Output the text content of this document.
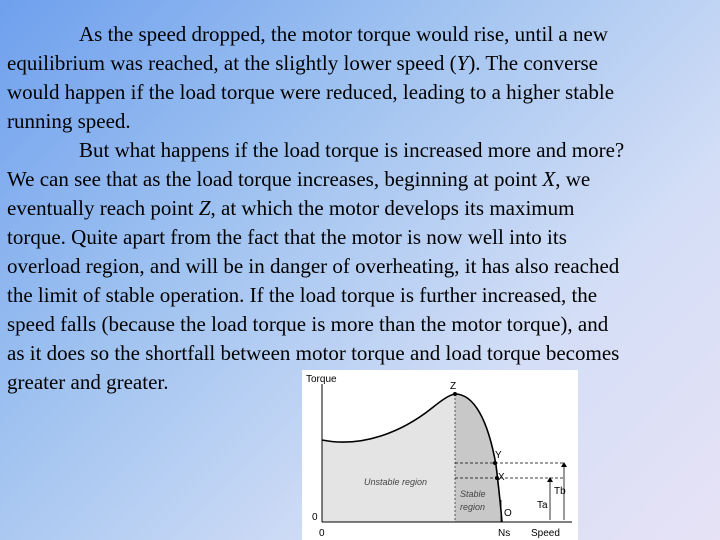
As the speed dropped, the motor torque would rise, until a new
equilibrium was reached, at the slightly lower speed (Y). The converse
would happen if the load torque were reduced, leading to a higher stable
running speed.

But what happens if the load torque is increased more and more?
We can see that as the load torque increases, beginning at point X, we
eventually reach point Z, at which the motor develops its maximum
torque. Quite apart from the fact that the motor is now well into its
overload region, and will be in danger of overheating, it has also reached
the limit of stable operation. If the load torque is further increased, the
speed falls (because the load torque is more than the motor torque), and
as it does so the shortfall between motor torque and load torque becomes
greater and greater.	Torque
Speed
Z
Y
X
O
0
0
Unstable region
Stable
region
Tb
Ta
Ns
